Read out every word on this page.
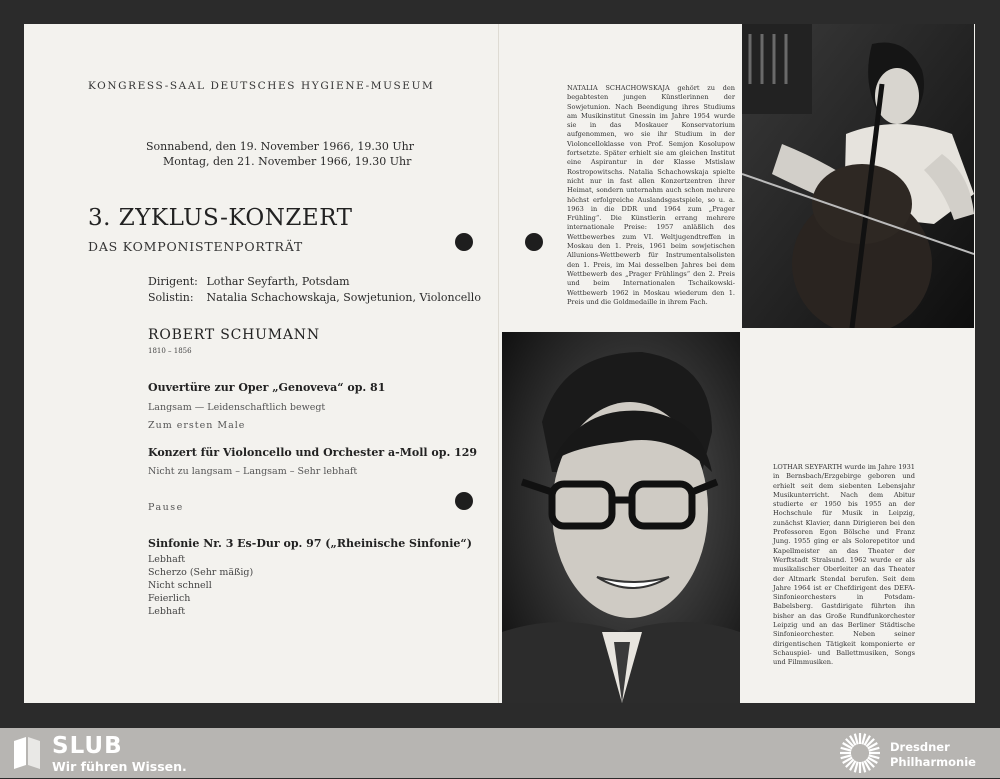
KONGRESS-SAAL DEUTSCHES HYGIENE-MUSEUM
Sonnabend, den 19. November 1966, 19.30 Uhr
Montag, den 21. November 1966, 19.30 Uhr
3. ZYKLUS-KONZERT
DAS KOMPONISTENPORTRÄT
Dirigent: Lothar Seyfarth, Potsdam
Solistin: Natalia Schachowskaja, Sowjetunion, Violoncello
ROBERT SCHUMANN
1810 – 1856
Ouvertüre zur Oper „Genoveva“ op. 81
Langsam — Leidenschaftlich bewegt
Zum ersten Male
Konzert für Violoncello und Orchester a-Moll op. 129
Nicht zu langsam – Langsam – Sehr lebhaft
Pause
Sinfonie Nr. 3 Es-Dur op. 97 („Rheinische Sinfonie“)
Lebhaft
Scherzo (Sehr mäßig)
Nicht schnell
Feierlich
Lebhaft
NATALIA SCHACHOWSKAJA gehört zu den begabtesten jungen Künstlerinnen der Sowjetunion. Nach Beendigung ihres Studiums am Musikinstitut Gnessin im Jahre 1954 wurde sie in das Moskauer Konservatorium aufgenommen, wo sie ihr Studium in der Violoncelloklasse von Prof. Semjon Kosolupow fortsetzte. Später erhielt sie am gleichen Institut eine Aspirantur in der Klasse Mstislaw Rostropowitschs. Natalia Schachowskaja spielte nicht nur in fast allen Konzertzentren ihrer Heimat, sondern unternahm auch schon mehrere höchst erfolgreiche Auslandsgastspiele, so u. a. 1963 in die DDR und 1964 zum „Prager Frühling“. Die Künstlerin errang mehrere internationale Preise: 1957 anläßlich des Wettbewerbes zum VI. Weltjugendtreffen in Moskau den 1. Preis, 1961 beim sowjetischen Allunions-Wettbewerb für Instrumentalsolisten den 1. Preis, im Mai desselben Jahres bei dem Wettbewerb des „Prager Frühlings“ den 2. Preis und beim Internationalen Tschaikowski-Wettbewerb 1962 in Moskau wiederum den 1. Preis und die Goldmedaille in ihrem Fach.
LOTHAR SEYFARTH wurde im Jahre 1931 in Bernsbach/Erzgebirge geboren und erhielt seit dem siebenten Lebensjahr Musikunterricht. Nach dem Abitur studierte er 1950 bis 1955 an der Hochschule für Musik in Leipzig, zunächst Klavier, dann Dirigieren bei den Professoren Egon Bölsche und Franz Jung. 1955 ging er als Solorepetitor und Kapellmeister an das Theater der Werftstadt Stralsund. 1962 wurde er als musikalischer Oberleiter an das Theater der Altmark Stendal berufen. Seit dem Jahre 1964 ist er Chefdirigent des DEFA-Sinfonieorchesters in Potsdam-Babelsberg. Gastdirigate führten ihn bisher an das Große Rundfunkorchester Leipzig und an das Berliner Städtische Sinfonieorchester. Neben seiner dirigentischen Tätigkeit komponierte er Schauspiel- und Ballettmusiken, Songs und Filmmusiken.
SLUB
Wir führen Wissen.
Dresdner
Philharmonie
